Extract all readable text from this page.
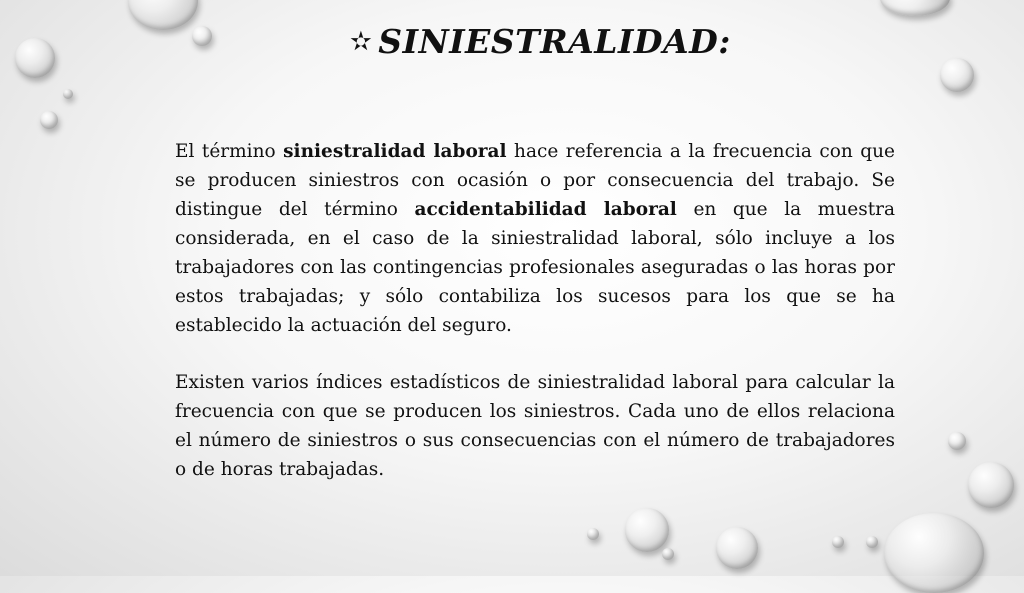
✫ SINIESTRALIDAD:

El término siniestralidad laboral hace referencia a la frecuencia con que se producen siniestros con ocasión o por consecuencia del trabajo. Se distingue del término accidentabilidad laboral en que la muestra considerada, en el caso de la siniestralidad laboral, sólo incluye a los trabajadores con las contingencias profesionales aseguradas o las horas por estos trabajadas; y sólo contabiliza los sucesos para los que se ha establecido la actuación del seguro.

Existen varios índices estadísticos de siniestralidad laboral para calcular la frecuencia con que se producen los siniestros. Cada uno de ellos relaciona el número de siniestros o sus consecuencias con el número de trabajadores o de horas trabajadas.
